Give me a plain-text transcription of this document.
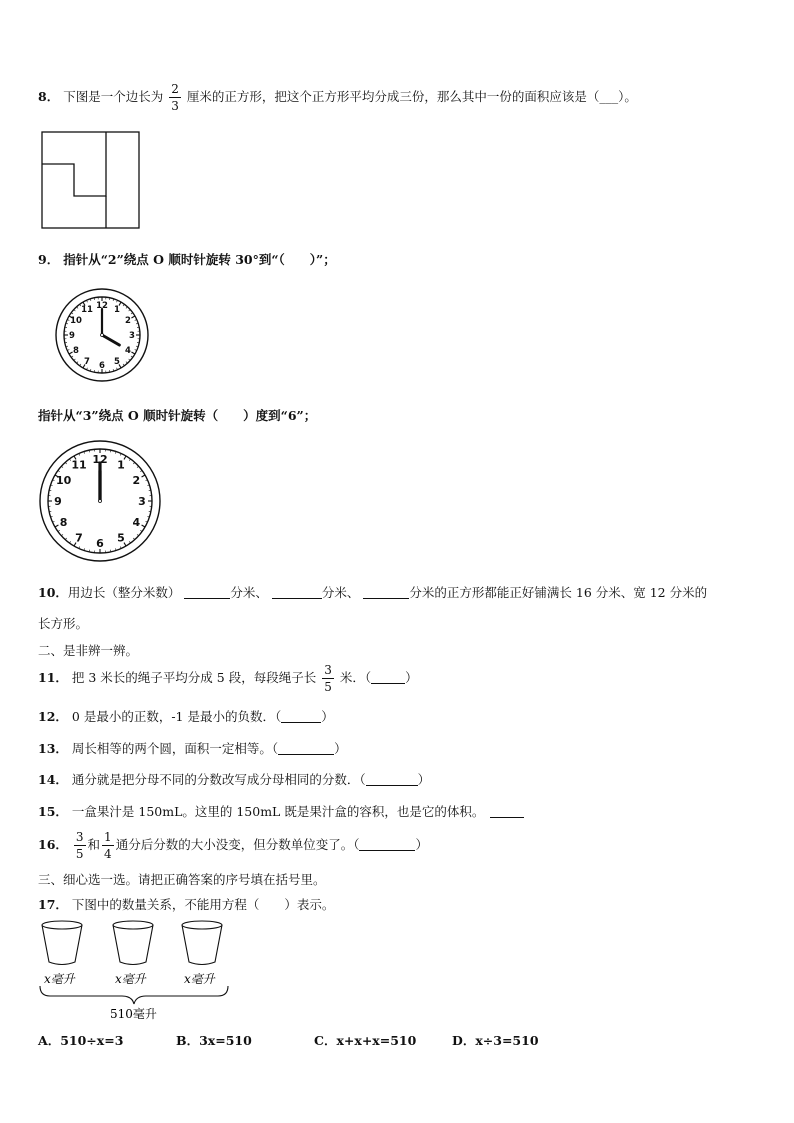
8． 下图是一个边长为 $\frac{2}{3}$ 厘米的正方形，把这个正方形平均分成三份，那么其中一份的面积应该是（___）。
9． 指针从“2”绕点 O 顺时针旋转 30°到“（　　）”；
12 1
2
3
4
5
6
7
8
9
10
11
指针从“3”绕点 O 顺时针旋转（　　）度到“6”；
12 1
2
3
4
5
6
7
8
9
10
11
10．用边长（整分米数）	分米、	分米、	分米的正方形都能正好铺满长 16 分米、宽 12 分米的
长方形。
二、是非辨一辨。
11． 把 3 米长的绳子平均分成 5 段，每段绳子长 $\frac{3}{5}$ 米．（	）
12． 0 是最小的正数，-1 是最小的负数．（	）
13． 周长相等的两个圆，面积一定相等。（	）
14． 通分就是把分母不同的分数改写成分母相同的分数．（	）
15． 一盒果汁是 150mL。这里的 150mL 既是果汁盒的容积，也是它的体积。
16． $\frac{3}{5}$ 和 $\frac{1}{4}$ 通分后分数的大小没变，但分数单位变了。（	）
三、细心选一选。请把正确答案的序号填在括号里。
17． 下图中的数量关系，不能用方程（　　）表示。
x毫升	x毫升	x毫升
510毫升
A．510÷x=3	B．3x=510	C．x+x+x=510	D．x÷3=510
